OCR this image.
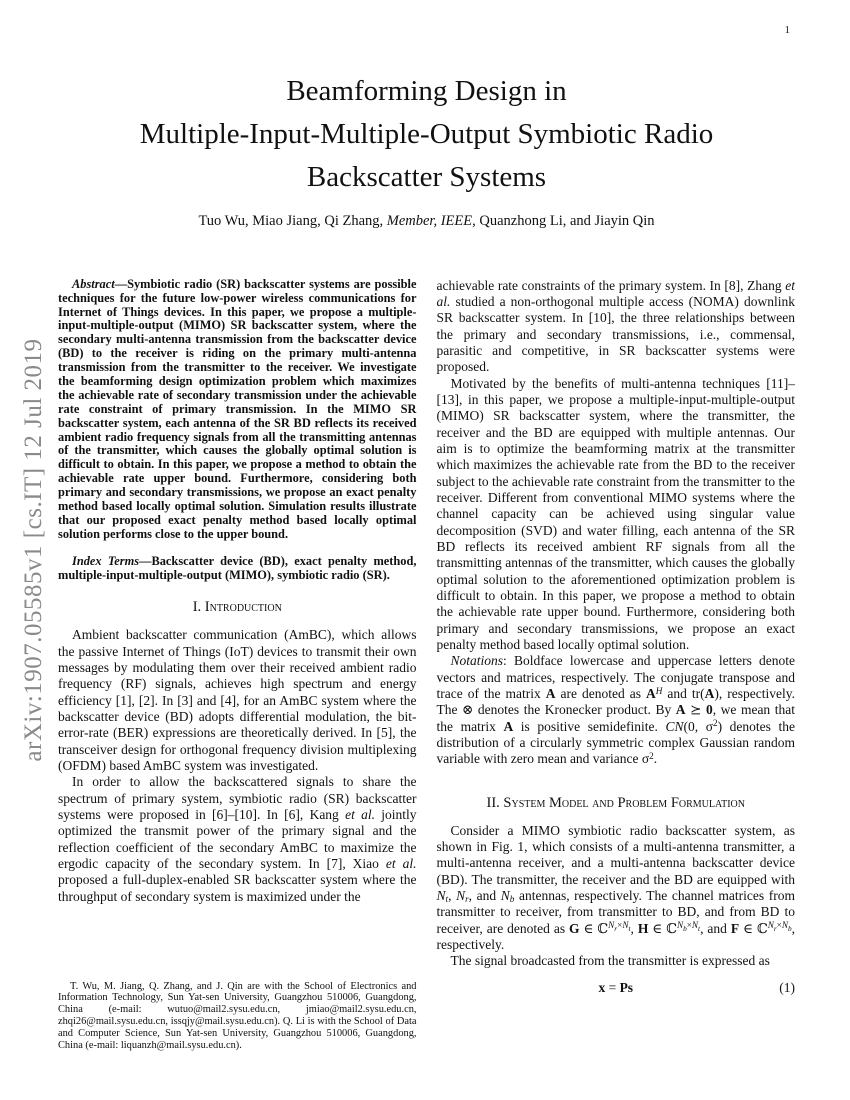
1
arXiv:1907.05585v1 [cs.IT] 12 Jul 2019
Beamforming Design in
Multiple-Input-Multiple-Output Symbiotic Radio
Backscatter Systems
Tuo Wu, Miao Jiang, Qi Zhang, Member, IEEE, Quanzhong Li, and Jiayin Qin

Abstract—Symbiotic radio (SR) backscatter systems are possible techniques for the future low-power wireless communications for Internet of Things devices. In this paper, we propose a multiple-input-multiple-output (MIMO) SR backscatter system, where the secondary multi-antenna transmission from the backscatter device (BD) to the receiver is riding on the primary multi-antenna transmission from the transmitter to the receiver. We investigate the beamforming design optimization problem which maximizes the achievable rate of secondary transmission under the achievable rate constraint of primary transmission. In the MIMO SR backscatter system, each antenna of the SR BD reflects its received ambient radio frequency signals from all the transmitting antennas of the transmitter, which causes the globally optimal solution is difficult to obtain. In this paper, we propose a method to obtain the achievable rate upper bound. Furthermore, considering both primary and secondary transmissions, we propose an exact penalty method based locally optimal solution. Simulation results illustrate that our proposed exact penalty method based locally optimal solution performs close to the upper bound.

Index Terms—Backscatter device (BD), exact penalty method, multiple-input-multiple-output (MIMO), symbiotic radio (SR).

I. Introduction

Ambient backscatter communication (AmBC), which allows the passive Internet of Things (IoT) devices to transmit their own messages by modulating them over their received ambient radio frequency (RF) signals, achieves high spectrum and energy efficiency [1], [2]. In [3] and [4], for an AmBC system where the backscatter device (BD) adopts differential modulation, the bit-error-rate (BER) expressions are theoretically derived. In [5], the transceiver design for orthogonal frequency division multiplexing (OFDM) based AmBC system was investigated.

In order to allow the backscattered signals to share the spectrum of primary system, symbiotic radio (SR) backscatter systems were proposed in [6]–[10]. In [6], Kang et al. jointly optimized the transmit power of the primary signal and the reflection coefficient of the secondary AmBC to maximize the ergodic capacity of the secondary system. In [7], Xiao et al. proposed a full-duplex-enabled SR backscatter system where the throughput of secondary system is maximized under the

T. Wu, M. Jiang, Q. Zhang, and J. Qin are with the School of Electronics and Information Technology, Sun Yat-sen University, Guangzhou 510006, Guangdong, China (e-mail: wutuo@mail2.sysu.edu.cn, jmiao@mail2.sysu.edu.cn, zhqi26@mail.sysu.edu.cn, issqjy@mail.sysu.edu.cn). Q. Li is with the School of Data and Computer Science, Sun Yat-sen University, Guangzhou 510006, Guangdong, China (e-mail: liquanzh@mail.sysu.edu.cn).

achievable rate constraints of the primary system. In [8], Zhang et al. studied a non-orthogonal multiple access (NOMA) downlink SR backscatter system. In [10], the three relationships between the primary and secondary transmissions, i.e., commensal, parasitic and competitive, in SR backscatter systems were proposed.

Motivated by the benefits of multi-antenna techniques [11]–[13], in this paper, we propose a multiple-input-multiple-output (MIMO) SR backscatter system, where the transmitter, the receiver and the BD are equipped with multiple antennas. Our aim is to optimize the beamforming matrix at the transmitter which maximizes the achievable rate from the BD to the receiver subject to the achievable rate constraint from the transmitter to the receiver. Different from conventional MIMO systems where the channel capacity can be achieved using singular value decomposition (SVD) and water filling, each antenna of the SR BD reflects its received ambient RF signals from all the transmitting antennas of the transmitter, which causes the globally optimal solution to the aforementioned optimization problem is difficult to obtain. In this paper, we propose a method to obtain the achievable rate upper bound. Furthermore, considering both primary and secondary transmissions, we propose an exact penalty method based locally optimal solution.

Notations: Boldface lowercase and uppercase letters denote vectors and matrices, respectively. The conjugate transpose and trace of the matrix A are denoted as $A^H$ and tr(A), respectively. The ⊗ denotes the Kronecker product. By A ⪰ 0, we mean that the matrix A is positive semidefinite. CN(0, $\sigma^2$) denotes the distribution of a circularly symmetric complex Gaussian random variable with zero mean and variance $\sigma^2$.

II. System Model and Problem Formulation

Consider a MIMO symbiotic radio backscatter system, as shown in Fig. 1, which consists of a multi-antenna transmitter, a multi-antenna receiver, and a multi-antenna backscatter device (BD). The transmitter, the receiver and the BD are equipped with Nt, Nr, and Nb antennas, respectively. The channel matrices from transmitter to receiver, from transmitter to BD, and from BD to receiver, are denoted as G ∈ $ℂ^Nr^{\times N}t$, H ∈ $ℂ^Nb^{\times N}t$, and F ∈ $ℂ^Nr^{\times N}b$, respectively.

The signal broadcasted from the transmitter is expressed as

x = Ps	(1)
